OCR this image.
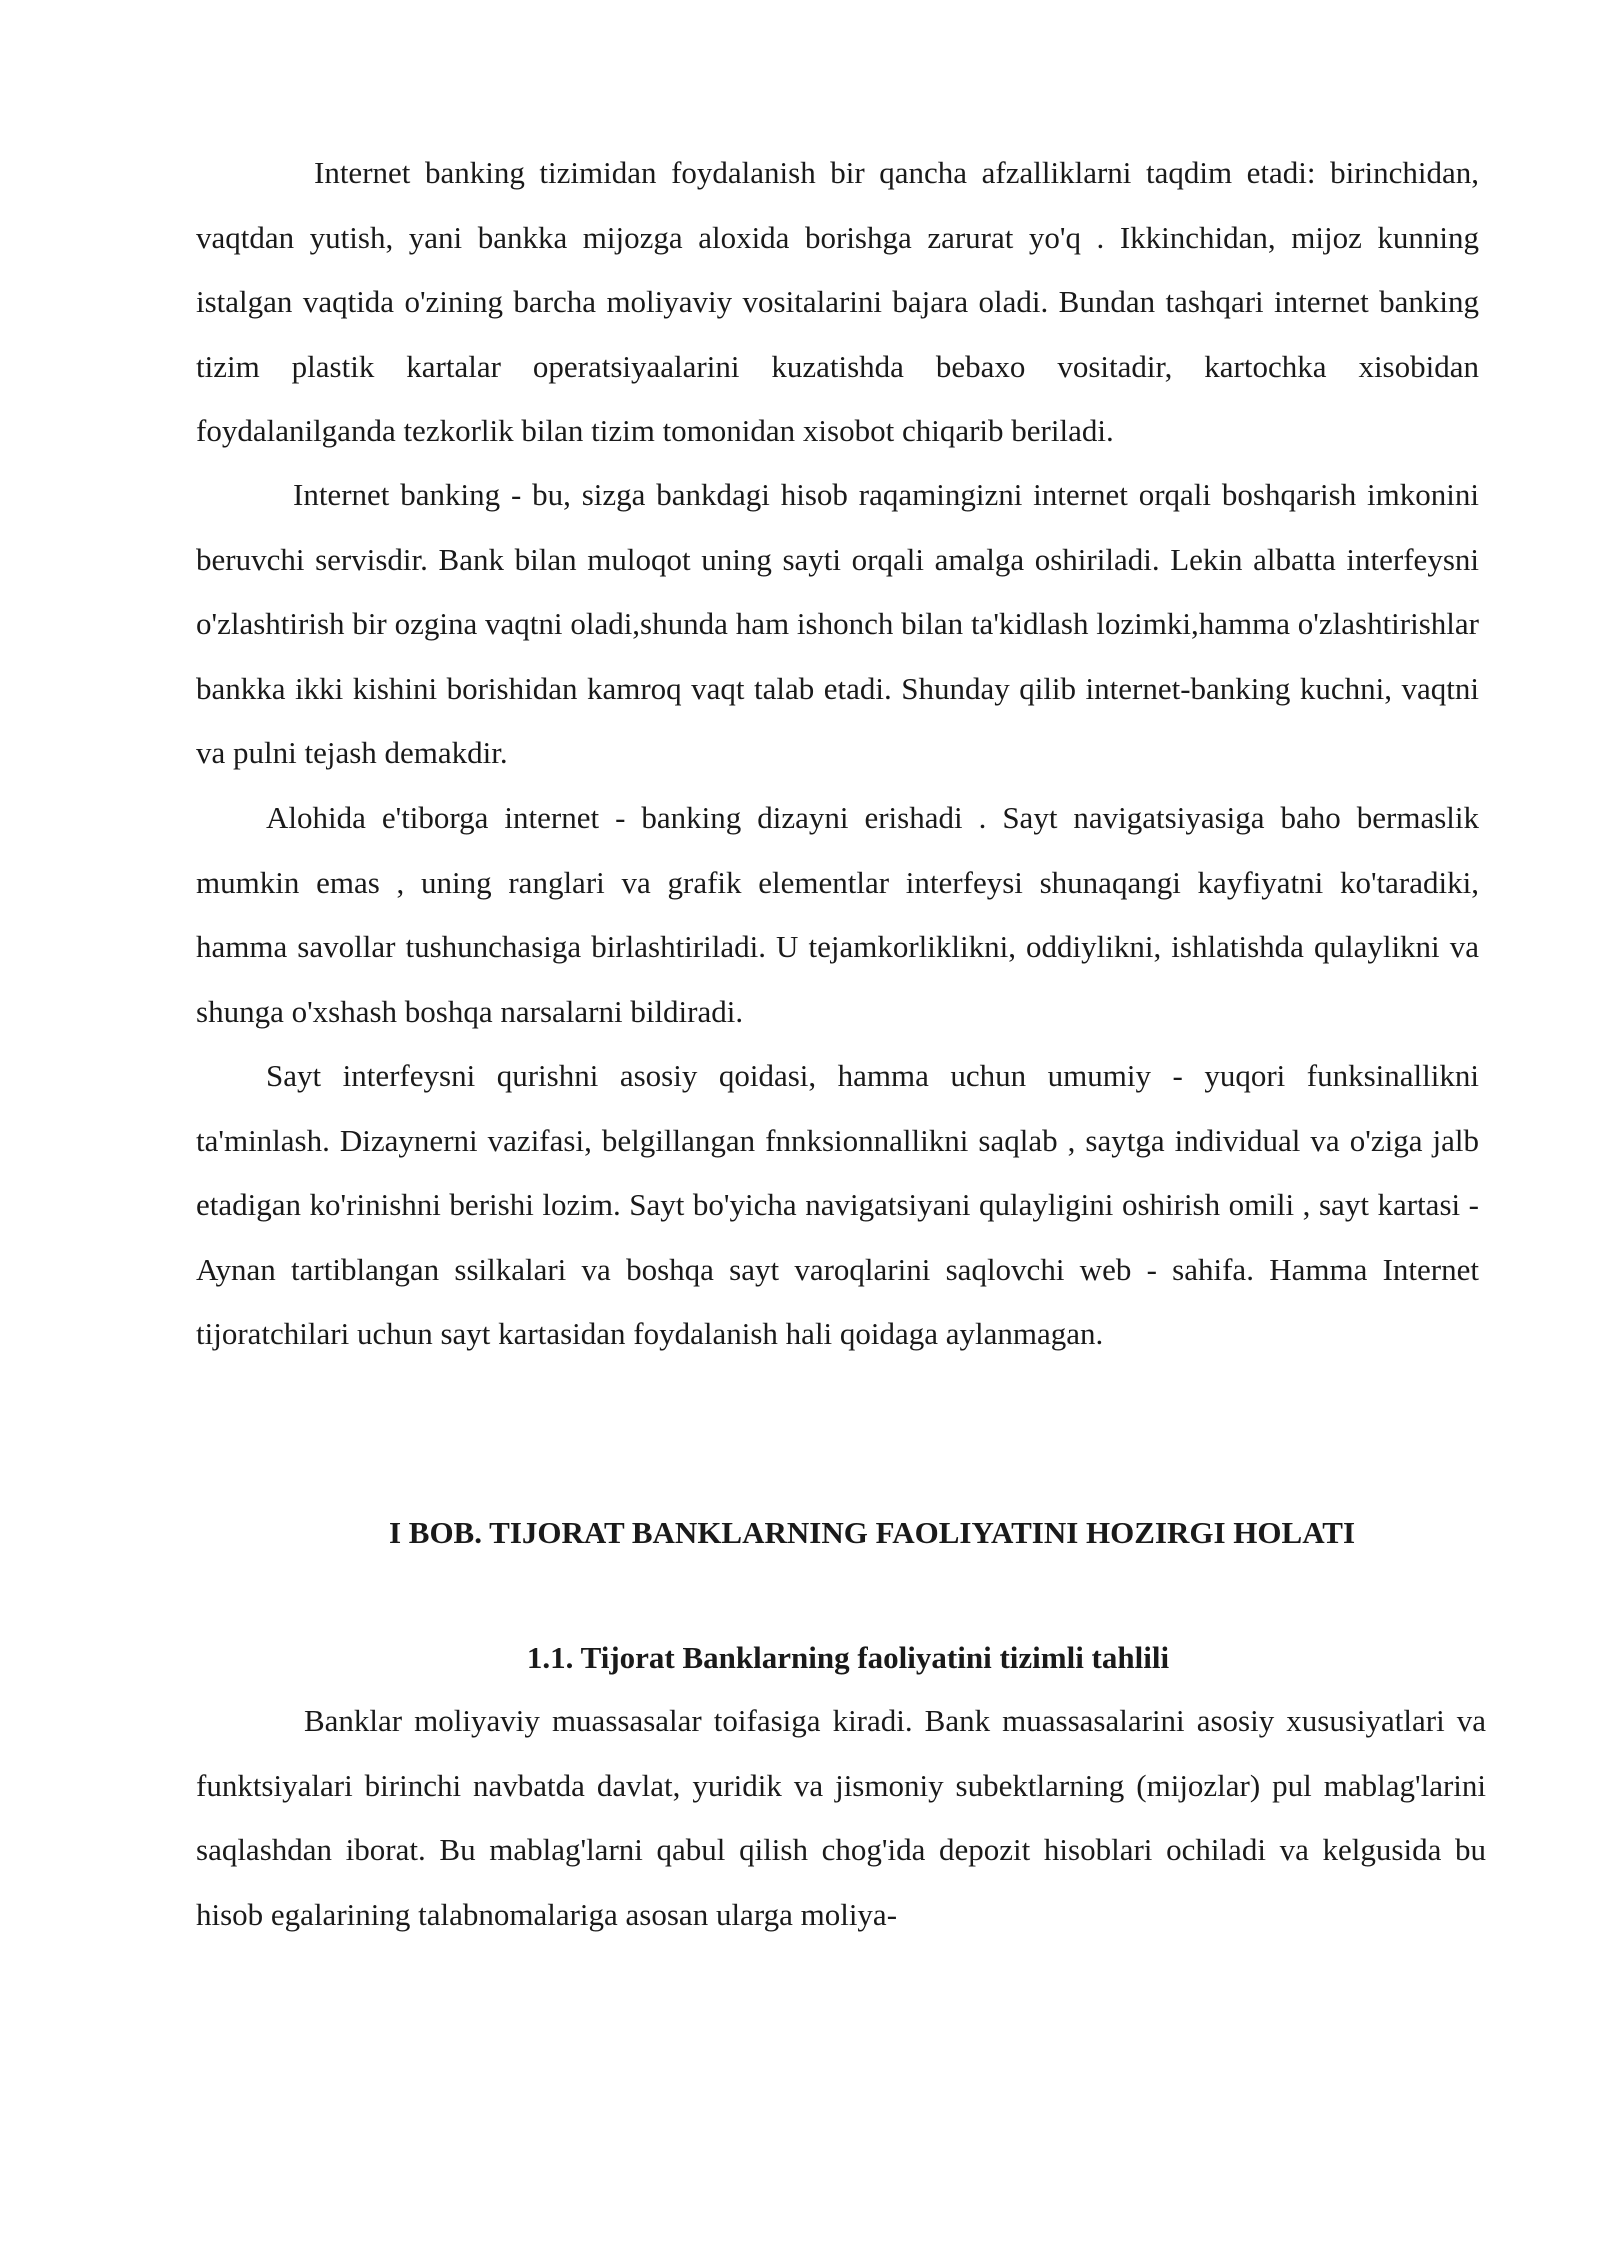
Internet banking tizimidan foydalanish bir qancha afzalliklarni taqdim etadi: birinchidan, vaqtdan yutish, yani bankka mijozga aloxida borishga zarurat yo'q . Ikkinchidan, mijoz kunning istalgan vaqtida o'zining barcha moliyaviy vositalarini bajara oladi. Bundan tashqari internet banking tizim plastik kartalar operatsiyaalarini kuzatishda bebaxo vositadir, kartochka xisobidan foydalanilganda tezkorlik bilan tizim tomonidan xisobot chiqarib beriladi.

Internet banking - bu, sizga bankdagi hisob raqamingizni internet orqali boshqarish imkonini beruvchi servisdir. Bank bilan muloqot uning sayti orqali amalga oshiriladi. Lekin albatta interfeysni o'zlashtirish bir ozgina vaqtni oladi,shunda ham ishonch bilan ta'kidlash lozimki,hamma o'zlashtirishlar bankka ikki kishini borishidan kamroq vaqt talab etadi. Shunday qilib internet-banking kuchni, vaqtni va pulni tejash demakdir.

Alohida e'tiborga internet - banking dizayni erishadi . Sayt navigatsiyasiga baho bermaslik mumkin emas , uning ranglari va grafik elementlar interfeysi shunaqangi kayfiyatni ko'taradiki, hamma savollar tushunchasiga birlashtiriladi. U tejamkorliklikni, oddiylikni, ishlatishda qulaylikni va shunga o'xshash boshqa narsalarni bildiradi.

Sayt interfeysni qurishni asosiy qoidasi, hamma uchun umumiy - yuqori funksinallikni ta'minlash. Dizaynerni vazifasi, belgillangan fnnksionnallikni saqlab , saytga individual va o'ziga jalb etadigan ko'rinishni berishi lozim. Sayt bo'yicha navigatsiyani qulayligini oshirish omili , sayt kartasi - Aynan tartiblangan ssilkalari va boshqa sayt varoqlarini saqlovchi web - sahifa. Hamma Internet tijoratchilari uchun sayt kartasidan foydalanish hali qoidaga aylanmagan.

I BOB. TIJORAT BANKLARNING FAOLIYATINI HOZIRGI HOLATI
1.1. Tijorat Banklarning faoliyatini tizimli tahlili

Banklar moliyaviy muassasalar toifasiga kiradi. Bank muassasalarini asosiy xususiyatlari va funktsiyalari birinchi navbatda davlat, yuridik va jismoniy subektlarning (mijozlar) pul mablag'larini saqlashdan iborat. Bu mablag'larni qabul qilish chog'ida depozit hisoblari ochiladi va kelgusida bu hisob egalarining talabnomalariga asosan ularga moliya-
